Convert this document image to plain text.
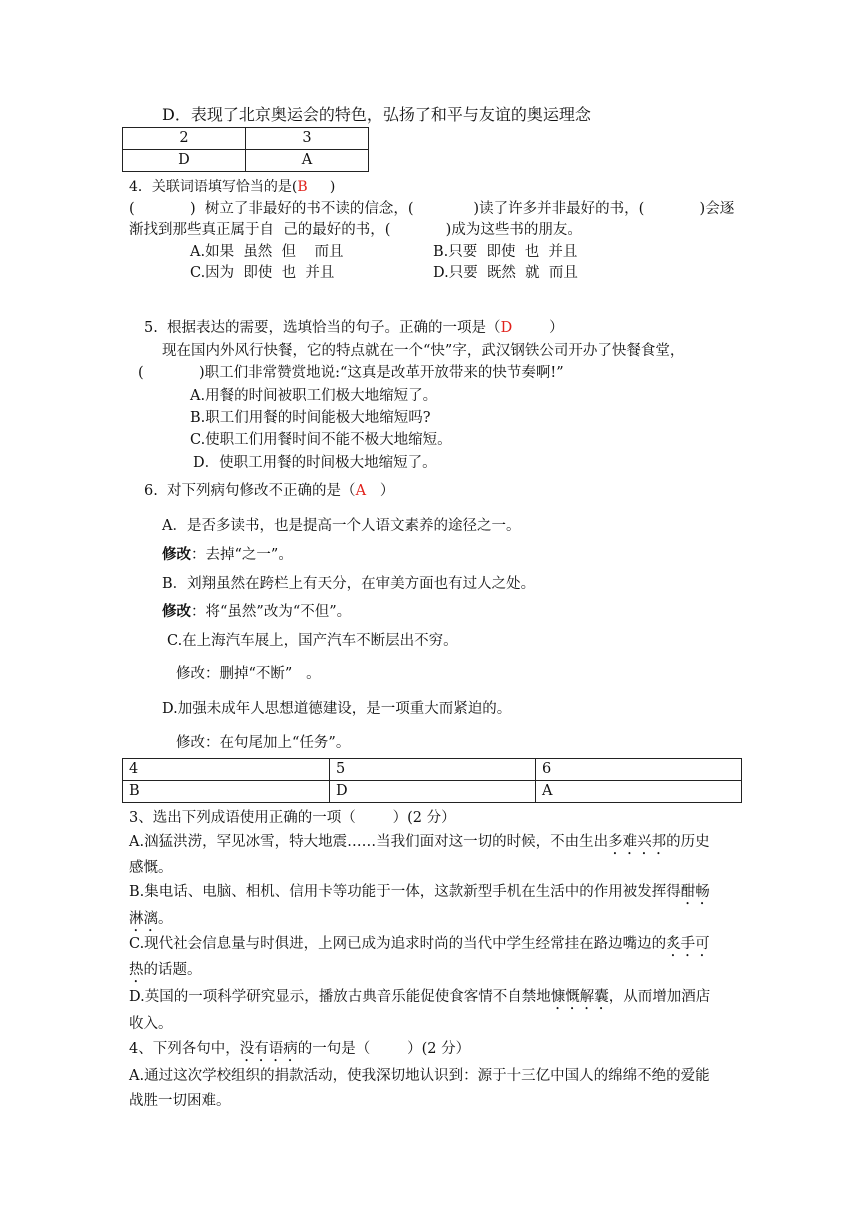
D．表现了北京奥运会的特色，弘扬了和平与友谊的奥运理念
2	3
D	A
4．关联词语填写恰当的是(B     )
(            )  树立了非最好的书不读的信念，(             )读了许多并非最好的书，(            )会逐
渐找到那些真正属于自  己的最好的书，(            )成为这些书的朋友。
A.如果  虽然  但    而且	B.只要  即使  也  并且
C.因为  即使  也  并且	D.只要  既然  就  而且
5.  根据表达的需要，选填恰当的句子。正确的一项是（D        ）
现在国内外风行快餐，它的特点就在一个“快”字，武汉钢铁公司开办了快餐食堂，
(            )职工们非常赞赏地说:“这真是改革开放带来的快节奏啊!”
A.用餐的时间被职工们极大地缩短了。
B.职工们用餐的时间能极大地缩短吗?
C.使职工们用餐时间不能不极大地缩短。
D．使职工用餐的时间极大地缩短了。
6.  对下列病句修改不正确的是（A   ）
A．是否多读书，也是提高一个人语文素养的途径之一。
修改：去掉“之一”。
B．刘翔虽然在跨栏上有天分，在审美方面也有过人之处。
修改：将“虽然”改为“不但”。
C.在上海汽车展上，国产汽车不断层出不穷。
修改：删掉“不断”   。
D.加强未成年人思想道德建设，是一项重大而紧迫的。
修改：在句尾加上“任务”。
4	5	6
B	D	A
3、选出下列成语使用正确的一项（        ）(2 分）
A.汹猛洪涝，罕见冰雪，特大地震……当我们面对这一切的时候，不由生出多难兴邦的历史
感慨。
B.集电话、电脑、相机、信用卡等功能于一体，这款新型手机在生活中的作用被发挥得酣畅
淋漓。
C.现代社会信息量与时俱进，上网已成为追求时尚的当代中学生经常挂在路边嘴边的炙手可
热的话题。
D.英国的一项科学研究显示，播放古典音乐能促使食客情不自禁地慷慨解囊，从而增加酒店
收入。
4、下列各句中，没有语病的一句是（        ）(2 分）
A.通过这次学校组织的捐款活动，使我深切地认识到：源于十三亿中国人的绵绵不绝的爱能
战胜一切困难。
